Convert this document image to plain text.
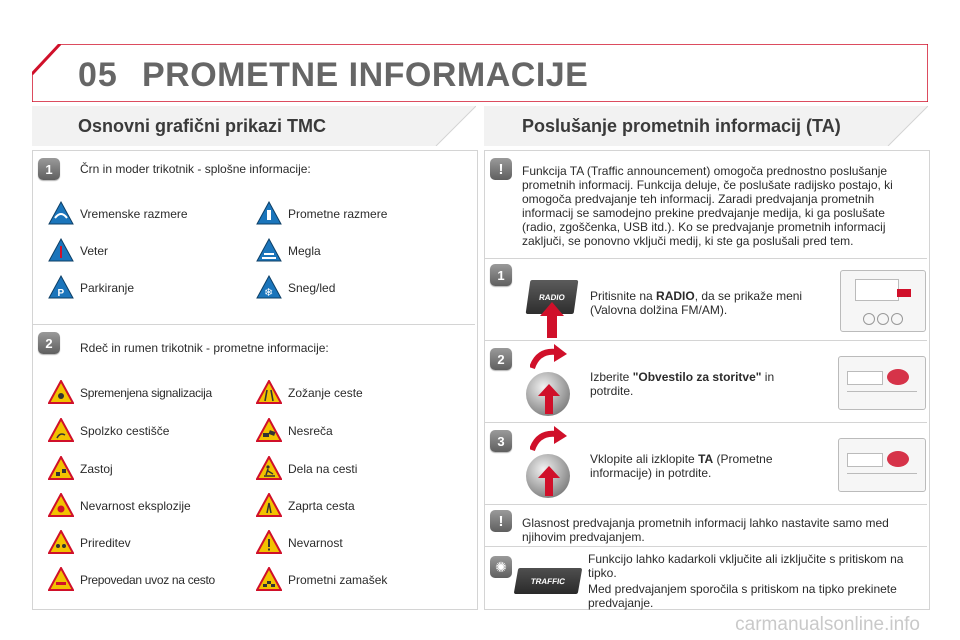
05 PROMETNE INFORMACIJE
Osnovni grafični prikazi TMC
1	Črn in moder trikotnik - splošne informacije:
Vremenske razmere	Prometne razmere
Veter	Megla
P Parkiranje	❄ Sneg/led
2	Rdeč in rumen trikotnik - prometne informacije:
Spremenjena signalizacija	Zožanje ceste
Spolzko cestišče	Nesreča
Zastoj	Dela na cesti
Nevarnost eksplozije	Zaprta cesta
Prireditev	Nevarnost
Prepovedan uvoz na cesto	Prometni zamašek
Poslušanje prometnih informacij (TA)
!	Funkcija TA (Traffic announcement) omogoča prednostno poslušanje prometnih informacij. Funkcija deluje, če poslušate radijsko postajo, ki omogoča predvajanje teh informacij. Zaradi predvajanja prometnih informacij se samodejno prekine predvajanje medija, ki ga poslušate (radio, zgoščenka, USB itd.). Ko se predvajanje prometnih informacij zaključi, se ponovno vključi medij, ki ste ga poslušali pred tem.
1
RADIO	Pritisnite na RADIO, da se prikaže meni (Valovna dolžina FM/AM).
2
Izberite "Obvestilo za storitve" in potrdite.
3
Vklopite ali izklopite TA (Prometne informacije) in potrdite.
!	Glasnost predvajanja prometnih informacij lahko nastavite samo med njihovim predvajanjem.
✺
TRAFFIC
Funkcijo lahko kadarkoli vključite ali izključite s pritiskom na tipko.
Med predvajanjem sporočila s pritiskom na tipko prekinete predvajanje.
carmanualsonline.info
